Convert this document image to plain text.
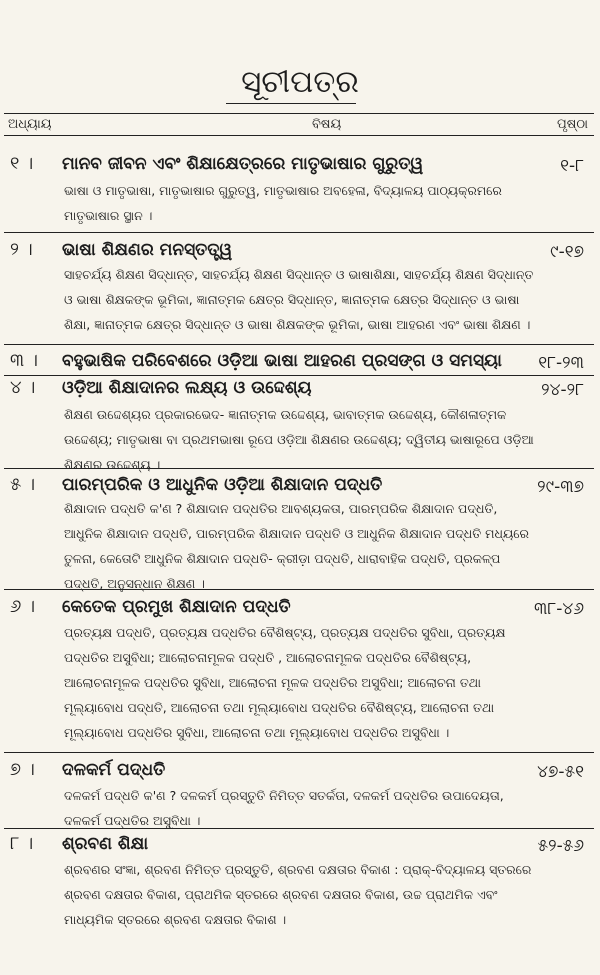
ସୂଚୀପତ୍ର
ଅଧ୍ୟାୟ	ବିଷୟ	ପୃଷ୍ଠା
୧ । ମାନବ ଜୀବନ ଏବଂ ଶିକ୍ଷାକ୍ଷେତ୍ରରେ ମାତୃଭାଷାର ଗୁରୁତ୍ୱ	୧-୮
ଭାଷା ଓ ମାତୃଭାଷା, ମାତୃଭାଷାର ଗୁରୁତ୍ୱ, ମାତୃଭାଷାର ଅବହେଳା, ବିଦ୍ୟାଳୟ ପାଠ୍ୟକ୍ରମରେ ମାତୃଭାଷାର ସ୍ଥାନ ।
୨ । ଭାଷା ଶିକ୍ଷଣର ମନସ୍ତତ୍ତ୍ୱ	୯-୧୭
ସାହଚର୍ଯ୍ୟ ଶିକ୍ଷଣ ସିଦ୍ଧାନ୍ତ, ସାହଚର୍ଯ୍ୟ ଶିକ୍ଷଣ ସିଦ୍ଧାନ୍ତ ଓ ଭାଷାଶିକ୍ଷା, ସାହଚର୍ଯ୍ୟ ଶିକ୍ଷଣ ସିଦ୍ଧାନ୍ତ ଓ ଭାଷା ଶିକ୍ଷକଙ୍କ ଭୂମିକା, ଜ୍ଞାନାତ୍ମକ କ୍ଷେତ୍ର ସିଦ୍ଧାନ୍ତ, ଜ୍ଞାନାତ୍ମକ କ୍ଷେତ୍ର ସିଦ୍ଧାନ୍ତ ଓ ଭାଷା ଶିକ୍ଷା, ଜ୍ଞାନାତ୍ମକ କ୍ଷେତ୍ର ସିଦ୍ଧାନ୍ତ ଓ ଭାଷା ଶିକ୍ଷକଙ୍କ ଭୂମିକା, ଭାଷା ଆହରଣ ଏବଂ ଭାଷା ଶିକ୍ଷଣ ।
୩ । ବହୁଭାଷିକ ପରିବେଶରେ ଓଡ଼ିଆ ଭାଷା ଆହରଣ ପ୍ରସଙ୍ଗ ଓ ସମସ୍ୟା ୧୮-୨୩
୪ । ଓଡ଼ିଆ ଶିକ୍ଷାଦାନର ଲକ୍ଷ୍ୟ ଓ ଉଦ୍ଦେଶ୍ୟ	୨୪-୨୮
ଶିକ୍ଷଣ ଉଦ୍ଦେଶ୍ୟର ପ୍ରକାରଭେଦ- ଜ୍ଞାନାତ୍ମକ ଉଦ୍ଦେଶ୍ୟ, ଭାବାତ୍ମକ ଉଦ୍ଦେଶ୍ୟ, କୌଶଳାତ୍ମକ ଉଦ୍ଦେଶ୍ୟ; ମାତୃଭାଷା ବା ପ୍ରଥମଭାଷା ରୂପେ ଓଡ଼ିଆ ଶିକ୍ଷଣର ଉଦ୍ଦେଶ୍ୟ; ଦ୍ୱିତୀୟ ଭାଷାରୂପେ ଓଡ଼ିଆ ଶିକ୍ଷଣର ଉଦ୍ଦେଶ୍ୟ ।
୫ । ପାରମ୍ପରିକ ଓ ଆଧୁନିକ ଓଡ଼ିଆ ଶିକ୍ଷାଦାନ ପଦ୍ଧତି	୨୯-୩୭
ଶିକ୍ଷାଦାନ ପଦ୍ଧତି କ'ଣ ? ଶିକ୍ଷାଦାନ ପଦ୍ଧତିର ଆବଶ୍ୟକତା, ପାରମ୍ପରିକ ଶିକ୍ଷାଦାନ ପଦ୍ଧତି, ଆଧୁନିକ ଶିକ୍ଷାଦାନ ପଦ୍ଧତି, ପାରମ୍ପରିକ ଶିକ୍ଷାଦାନ ପଦ୍ଧତି ଓ ଆଧୁନିକ ଶିକ୍ଷାଦାନ ପଦ୍ଧତି ମଧ୍ୟରେ ତୁଳନା, କେତୋଟି ଆଧୁନିକ ଶିକ୍ଷାଦାନ ପଦ୍ଧତି- କ୍ରୀଡ଼ା ପଦ୍ଧତି, ଧାରାବାହିକ ପଦ୍ଧତି, ପ୍ରକଳ୍ପ ପଦ୍ଧତି, ଅନୁସନ୍ଧାନ ଶିକ୍ଷଣ ।
୬ । କେତେକ ପ୍ରମୁଖ ଶିକ୍ଷାଦାନ ପଦ୍ଧତି	୩୮-୪୬
ପ୍ରତ୍ୟକ୍ଷ ପଦ୍ଧତି, ପ୍ରତ୍ୟକ୍ଷ ପଦ୍ଧତିର ବୈଶିଷ୍ଟ୍ୟ, ପ୍ରତ୍ୟକ୍ଷ ପଦ୍ଧତିର ସୁବିଧା, ପ୍ରତ୍ୟକ୍ଷ ପଦ୍ଧତିର ଅସୁବିଧା; ଆଲୋଚନାମୂଳକ ପଦ୍ଧତି , ଆଲୋଚନାମୂଳକ ପଦ୍ଧତିର ବୈଶିଷ୍ଟ୍ୟ, ଆଲୋଚନାମୂଳକ ପଦ୍ଧତିର ସୁବିଧା, ଆଲୋଚନା ମୂଳକ ପଦ୍ଧତିର ଅସୁବିଧା; ଆଲୋଚନା ତଥା ମୂଲ୍ୟାବୋଧ ପଦ୍ଧତି, ଆଲୋଚନା ତଥା ମୂଲ୍ୟାବୋଧ ପଦ୍ଧତିର ବୈଶିଷ୍ଟ୍ୟ, ଆଲୋଚନା ତଥା ମୂଲ୍ୟାବୋଧ ପଦ୍ଧତିର ସୁବିଧା, ଆଲୋଚନା ତଥା ମୂଲ୍ୟାବୋଧ ପଦ୍ଧତିର ଅସୁବିଧା ।
୭ । ଦଳକର୍ମ ପଦ୍ଧତି	୪୭-୫୧
ଦଳକର୍ମ ପଦ୍ଧତି କ'ଣ ? ଦଳକର୍ମ ପ୍ରସ୍ତୁତି ନିମିତ୍ତ ସତର୍କତା, ଦଳକର୍ମ ପଦ୍ଧତିର ଉପାଦେୟତା, ଦଳକର୍ମ ପଦ୍ଧତିର ଅସୁବିଧା ।
୮ । ଶ୍ରବଣ ଶିକ୍ଷା	୫୨-୫୬
ଶ୍ରବଣର ସଂଜ୍ଞା, ଶ୍ରବଣ ନିମିତ୍ତ ପ୍ରସ୍ତୁତି, ଶ୍ରବଣ ଦକ୍ଷତାର ବିକାଶ : ପ୍ରାକ୍-ବିଦ୍ୟାଳୟ ସ୍ତରରେ ଶ୍ରବଣ ଦକ୍ଷତାର ବିକାଶ, ପ୍ରାଥମିକ ସ୍ତରରେ ଶ୍ରବଣ ଦକ୍ଷତାର ବିକାଶ, ଉଚ୍ଚ ପ୍ରାଥମିକ ଏବଂ ମାଧ୍ୟମିକ ସ୍ତରରେ ଶ୍ରବଣ ଦକ୍ଷତାର ବିକାଶ ।
